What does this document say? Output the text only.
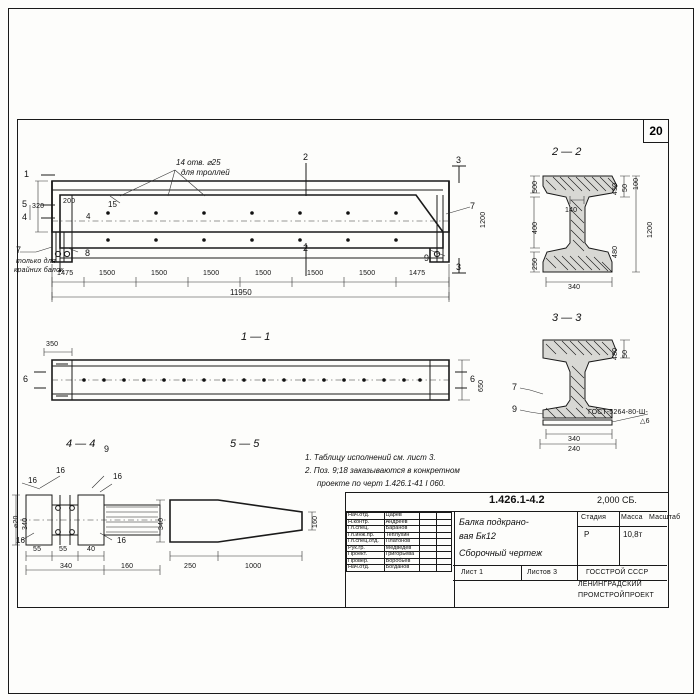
20
14 отв. ⌀25
для троллей
2
2
3
3
1
5
4
320
200	15
4
7	8
7
9
только для
крайних балок
1200
1475	1500	1500	1500	1500	1500	1500	1475
11950
1 — 1
350
650
6	6
2 — 2
500
400
140
250
340
50
450
1200
480
100
3 — 3
50
480
340
240
7
9	ГОСТ-5264-80-Ш-
△6
4 — 4 9
16
16
16
16
16
55	55	40
340	160
340
⌀20
5 — 5
340
250	1000
160
1. Таблицу исполнений см. лист 3.
2. Поз. 9;18 заказываются в конкретном
проекте по черт 1.426.1-41 I 060.
1.426.1-4.2	2,000 СБ.
Балка подкрано-
вая Бк12
Сборочный чертеж
Стадия Масса Масштаб
Р	10,8т
Лист 1	Листов 3	ГОССТРОЙ СССР
ЛЕНИНГРАДСКИЙ
ПРОМСТРОЙПРОЕКТ
Нач.отд.	Царёв		
Н.контр.	Андреев		
Гл.спец.	Баранов		
Гл.инж.пр.	Теплухин		
Гл.спец.отд.	Платонов		
Рук.гр.	Медведев		
Проект.	Григорьева		
Провер.	Воробьёв		
Нач.отд.	Богданов		
